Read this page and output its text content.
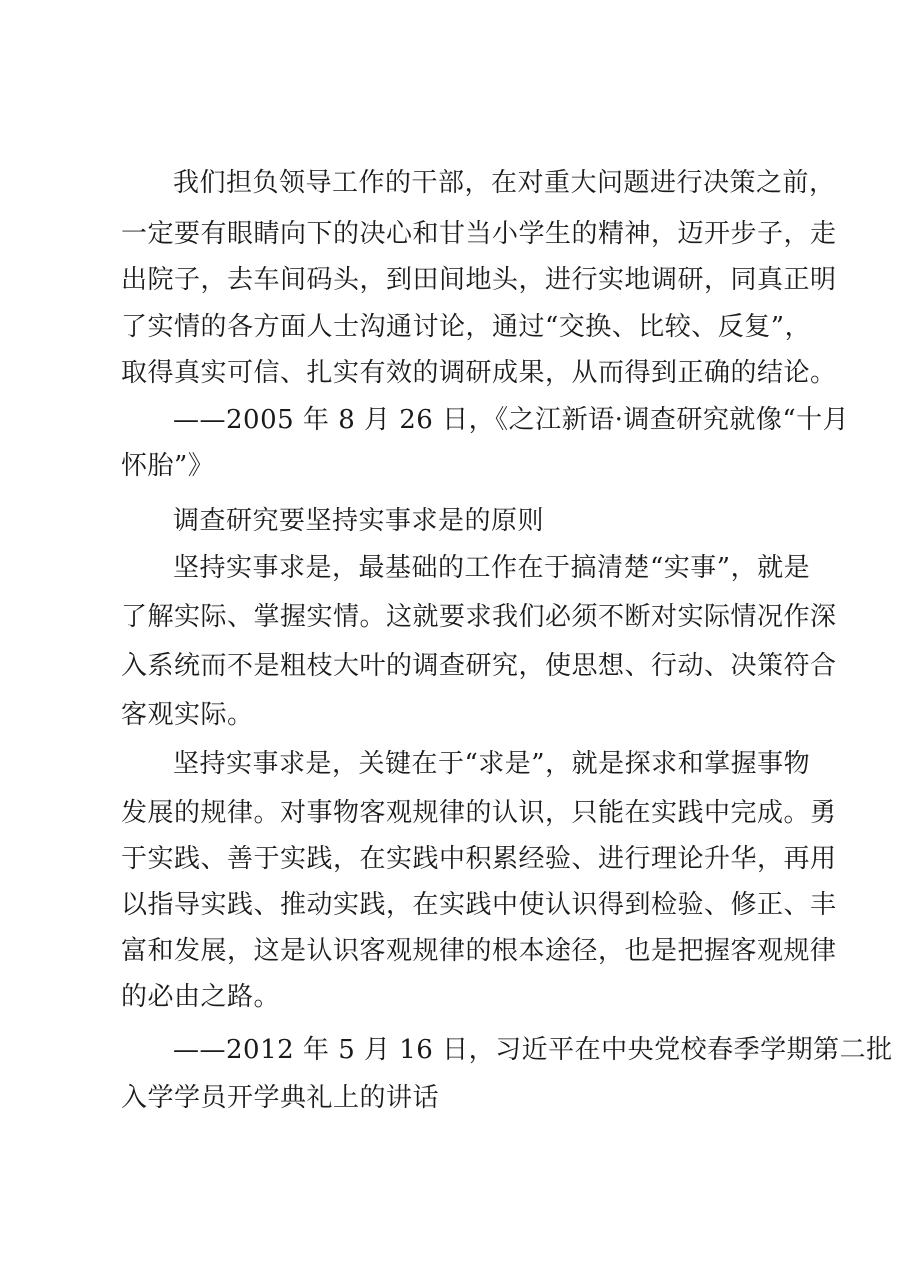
我们担负领导工作的干部，在对重大问题进行决策之前，
一定要有眼睛向下的决心和甘当小学生的精神，迈开步子，走
出院子，去车间码头，到田间地头，进行实地调研，同真正明
了实情的各方面人士沟通讨论，通过“交换、比较、反复”，
取得真实可信、扎实有效的调研成果，从而得到正确的结论。
——2005 年 8 月 26 日，《之江新语·调查研究就像“十月
怀胎”》
调查研究要坚持实事求是的原则
坚持实事求是，最基础的工作在于搞清楚“实事”，就是
了解实际、掌握实情。这就要求我们必须不断对实际情况作深
入系统而不是粗枝大叶的调查研究，使思想、行动、决策符合
客观实际。
坚持实事求是，关键在于“求是”，就是探求和掌握事物
发展的规律。对事物客观规律的认识，只能在实践中完成。勇
于实践、善于实践，在实践中积累经验、进行理论升华，再用
以指导实践、推动实践，在实践中使认识得到检验、修正、丰
富和发展，这是认识客观规律的根本途径，也是把握客观规律
的必由之路。
——2012 年 5 月 16 日，习近平在中央党校春季学期第二批
入学学员开学典礼上的讲话
